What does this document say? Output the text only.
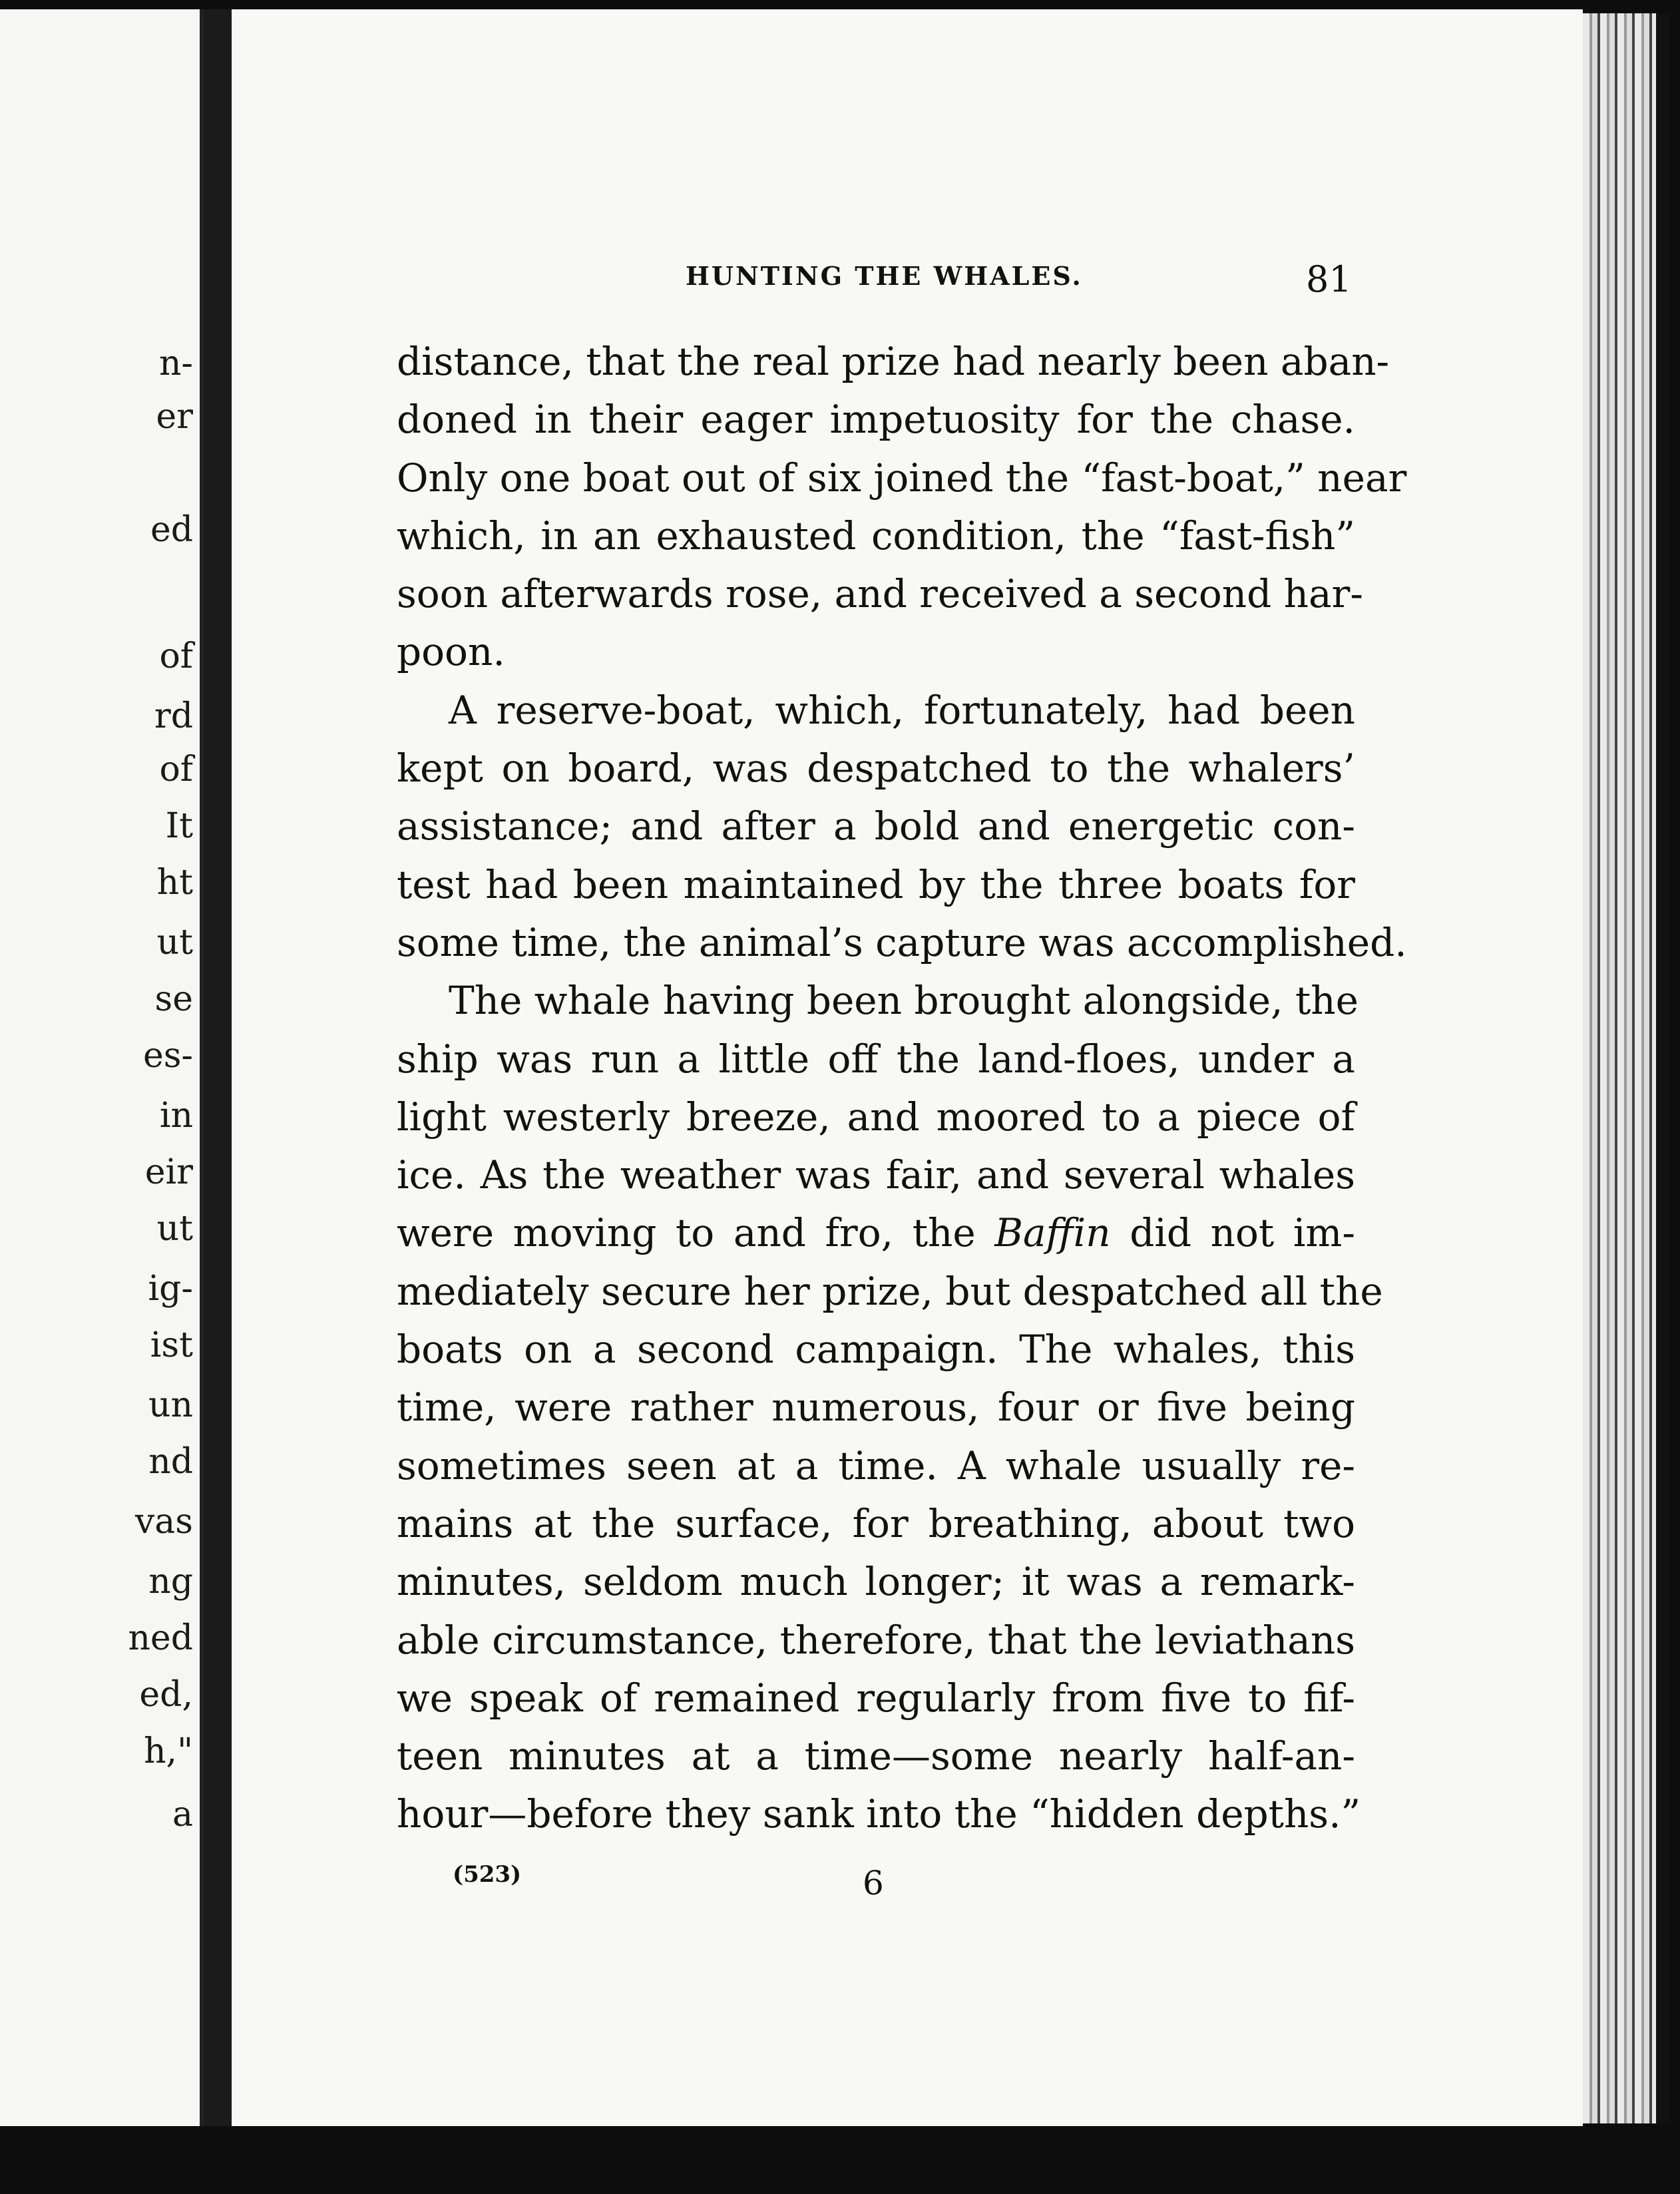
n-
er
ed
of
rd
of
It
ht
ut
se
es-
in
eir
ut
ig-
ist
un
nd
vas
ng
ned
ed,
h,"
a
HUNTING THE WHALES.	81
distance, that the real prize had nearly been aban-
doned in their eager impetuosity for the chase.
Only one boat out of six joined the “fast-boat,” near
which, in an exhausted condition, the “fast-fish”
soon afterwards rose, and received a second har-
poon.
A reserve-boat, which, fortunately, had been
kept on board, was despatched to the whalers’
assistance; and after a bold and energetic con-
test had been maintained by the three boats for
some time, the animal’s capture was accomplished.
The whale having been brought alongside, the
ship was run a little off the land-floes, under a
light westerly breeze, and moored to a piece of
ice. As the weather was fair, and several whales
were moving to and fro, the Baffin did not im-
mediately secure her prize, but despatched all the
boats on a second campaign. The whales, this
time, were rather numerous, four or five being
sometimes seen at a time. A whale usually re-
mains at the surface, for breathing, about two
minutes, seldom much longer; it was a remark-
able circumstance, therefore, that the leviathans
we speak of remained regularly from five to fif-
teen minutes at a time—some nearly half-an-
hour—before they sank into the “hidden depths.”
(523)	6
